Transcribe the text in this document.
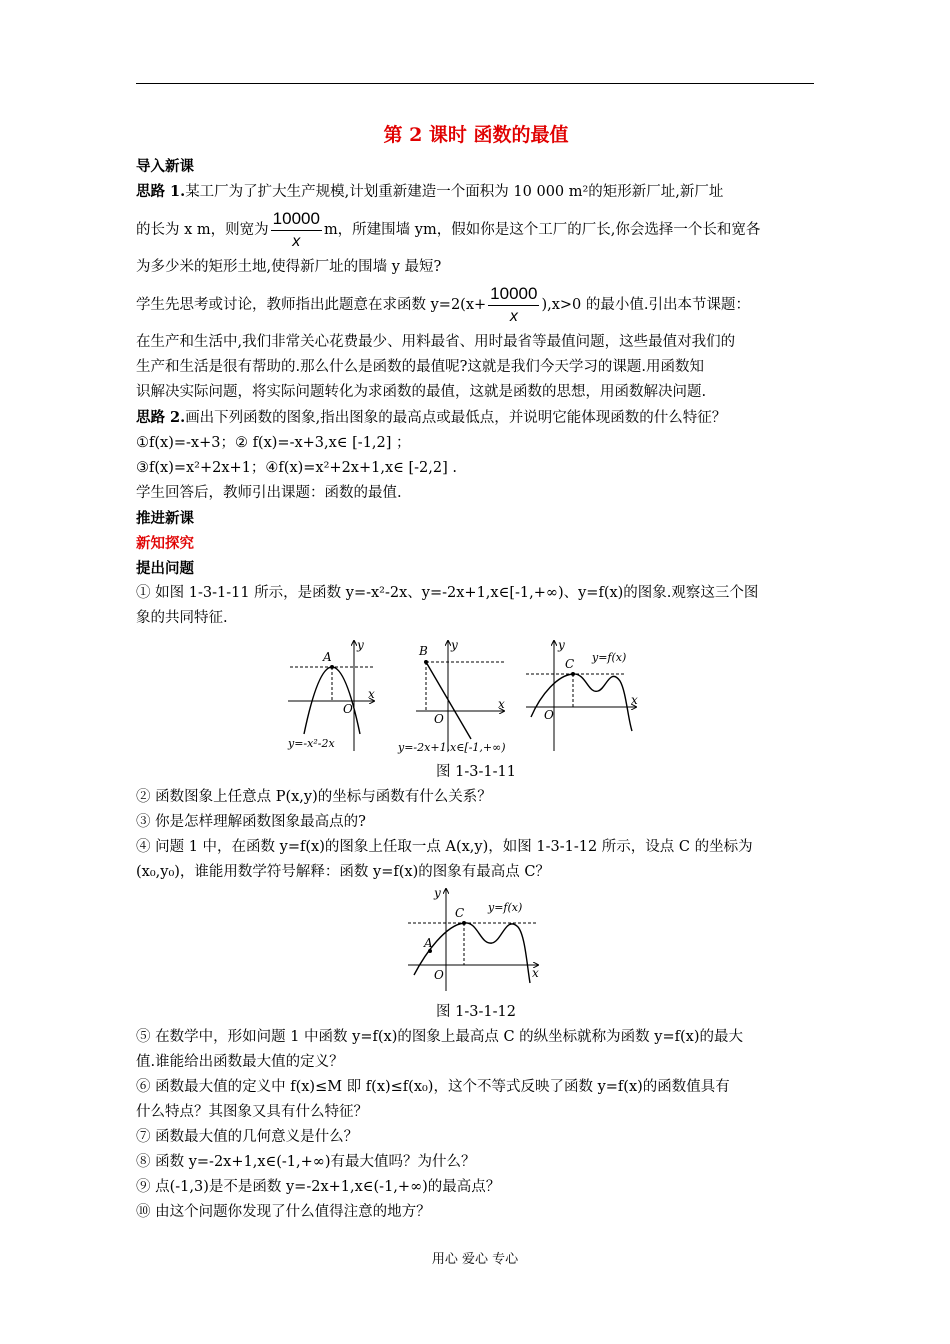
第 2 课时 函数的最值

导入新课

思路 1.某工厂为了扩大生产规模,计划重新建造一个面积为 10 000 m²的矩形新厂址,新厂址

的长为 x m，则宽为 $\frac{10000}{x}$ m，所建围墙 ym，假如你是这个工厂的厂长,你会选择一个长和宽各

为多少米的矩形土地,使得新厂址的围墙 y 最短?

学生先思考或讨论，教师指出此题意在求函数 $y=2(x+ \frac{10000}{x} ),x>0$ 的最小值.引出本节课题：

在生产和生活中,我们非常关心花费最少、用料最省、用时最省等最值问题，这些最值对我们的

生产和生活是很有帮助的.那么什么是函数的最值呢?这就是我们今天学习的课题.用函数知

识解决实际问题，将实际问题转化为求函数的最值，这就是函数的思想，用函数解决问题.

思路 2.画出下列函数的图象,指出图象的最高点或最低点，并说明它能体现函数的什么特征？

①f(x)=-x+3；② f(x)=-x+3,x∈ [-1,2] ；

③f(x)=x²+2x+1；④f(x)=x²+2x+1,x∈ [-2,2] .

学生回答后，教师引出课题：函数的最值.

推进新课

新知探究

提出问题

① 如图 1-3-1-11 所示，是函数 y=-x²-2x、y=-2x+1,x∈[-1,+∞)、y=f(x)的图象.观察这三个图

象的共同特征.

A
O
x
y
y=-x²-2x
B
O
x
y
y=-2x+1,x∈[-1,+∞)
C
O
x
y
y=f(x)

图 1-3-1-11

② 函数图象上任意点 P(x,y)的坐标与函数有什么关系？

③ 你是怎样理解函数图象最高点的?

④ 问题 1 中，在函数 y=f(x)的图象上任取一点 A(x,y)，如图 1-3-1-12 所示，设点 C 的坐标为

(x₀,y₀)，谁能用数学符号解释：函数 y=f(x)的图象有最高点 C？

C
A
O	x
y
y=f(x)

图 1-3-1-12

⑤ 在数学中，形如问题 1 中函数 y=f(x)的图象上最高点 C 的纵坐标就称为函数 y=f(x)的最大

值.谁能给出函数最大值的定义？

⑥ 函数最大值的定义中 f(x)≤M 即 f(x)≤f(x₀)，这个不等式反映了函数 y=f(x)的函数值具有

什么特点？其图象又具有什么特征？

⑦ 函数最大值的几何意义是什么？

⑧ 函数 y=-2x+1,x∈(-1,+∞)有最大值吗？为什么？

⑨ 点(-1,3)是不是函数 y=-2x+1,x∈(-1,+∞)的最高点？

⑩ 由这个问题你发现了什么值得注意的地方？

用心 爱心 专心
